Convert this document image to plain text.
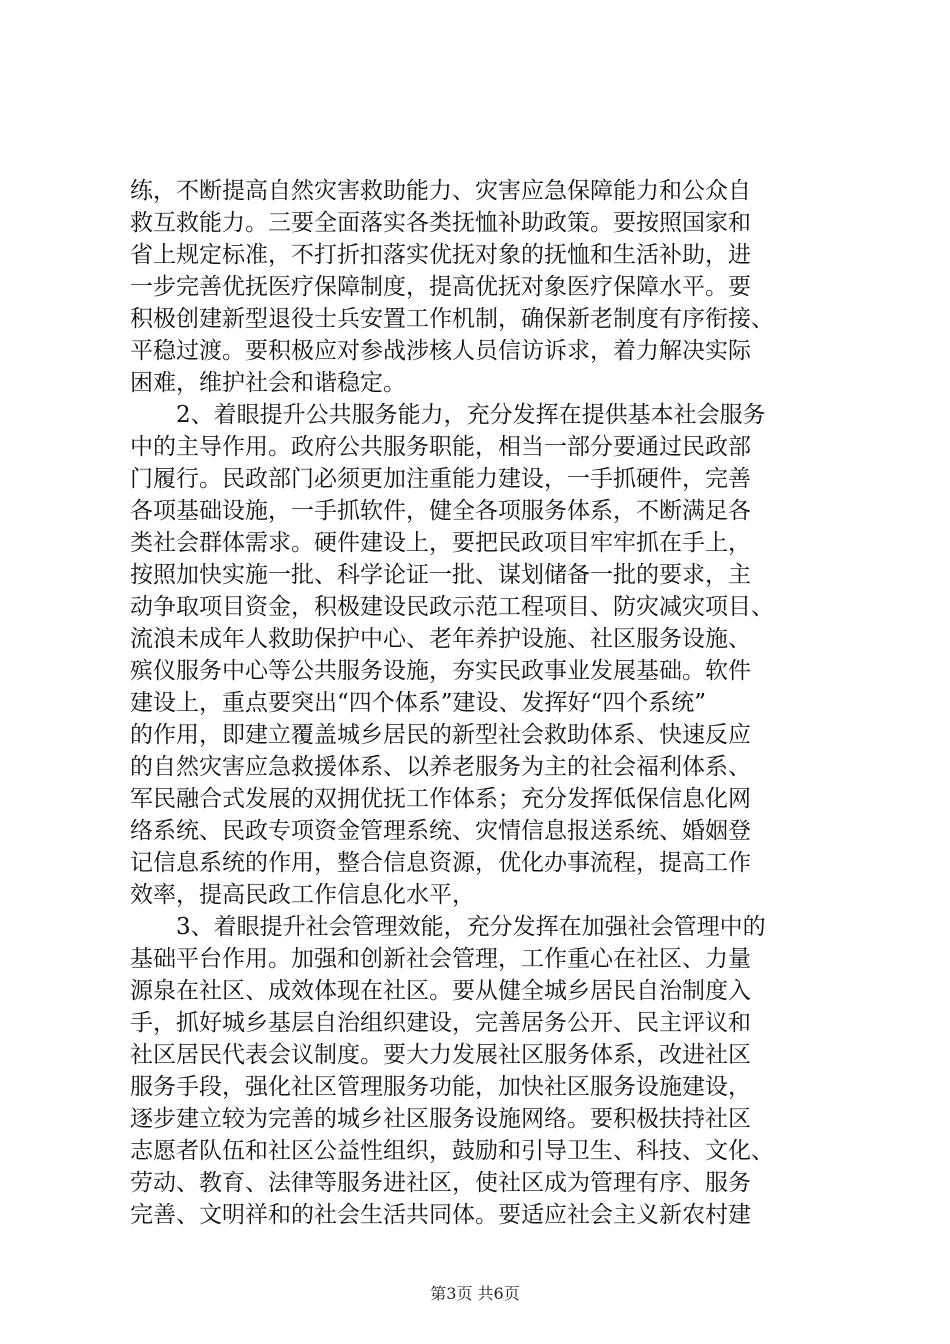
练，不断提高自然灾害救助能力、灾害应急保障能力和公众自
救互救能力。三要全面落实各类抚恤补助政策。要按照国家和
省上规定标准，不打折扣落实优抚对象的抚恤和生活补助，进
一步完善优抚医疗保障制度，提高优抚对象医疗保障水平。要
积极创建新型退役士兵安置工作机制，确保新老制度有序衔接、
平稳过渡。要积极应对参战涉核人员信访诉求，着力解决实际
困难，维护社会和谐稳定。
　　2、着眼提升公共服务能力，充分发挥在提供基本社会服务
中的主导作用。政府公共服务职能，相当一部分要通过民政部
门履行。民政部门必须更加注重能力建设，一手抓硬件，完善
各项基础设施，一手抓软件，健全各项服务体系，不断满足各
类社会群体需求。硬件建设上，要把民政项目牢牢抓在手上，
按照加快实施一批、科学论证一批、谋划储备一批的要求，主
动争取项目资金，积极建设民政示范工程项目、防灾减灾项目、
流浪未成年人救助保护中心、老年养护设施、社区服务设施、
殡仪服务中心等公共服务设施，夯实民政事业发展基础。软件
建设上，重点要突出“四个体系”建设、发挥好“四个系统”
的作用，即建立覆盖城乡居民的新型社会救助体系、快速反应
的自然灾害应急救援体系、以养老服务为主的社会福利体系、
军民融合式发展的双拥优抚工作体系；充分发挥低保信息化网
络系统、民政专项资金管理系统、灾情信息报送系统、婚姻登
记信息系统的作用，整合信息资源，优化办事流程，提高工作
效率，提高民政工作信息化水平，
　　3、着眼提升社会管理效能，充分发挥在加强社会管理中的
基础平台作用。加强和创新社会管理，工作重心在社区、力量
源泉在社区、成效体现在社区。要从健全城乡居民自治制度入
手，抓好城乡基层自治组织建设，完善居务公开、民主评议和
社区居民代表会议制度。要大力发展社区服务体系，改进社区
服务手段，强化社区管理服务功能，加快社区服务设施建设，
逐步建立较为完善的城乡社区服务设施网络。要积极扶持社区
志愿者队伍和社区公益性组织，鼓励和引导卫生、科技、文化、
劳动、教育、法律等服务进社区，使社区成为管理有序、服务
完善、文明祥和的社会生活共同体。要适应社会主义新农村建
第3页 共6页
